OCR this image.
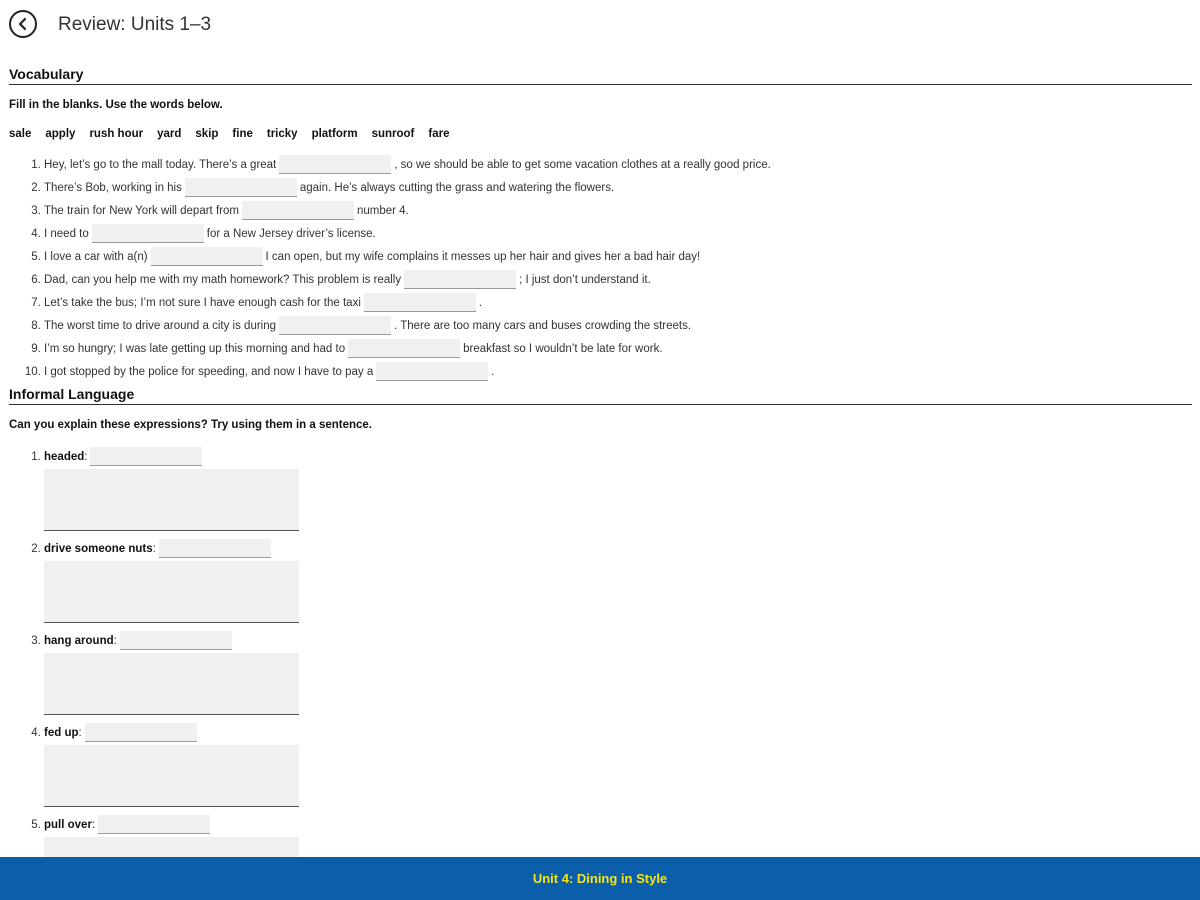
Review: Units 1–3
Vocabulary
Fill in the blanks. Use the words below.
sale apply rush hour yard skip fine tricky platform sunroof fare
1. Hey, let’s go to the mall today. There’s a great	, so we should be able to get some vacation clothes at a really good price.
2. There’s Bob, working in his	again. He’s always cutting the grass and watering the flowers.
3. The train for New York will depart from	number 4.
4. I need to	for a New Jersey driver’s license.
5. I love a car with a(n)	I can open, but my wife complains it messes up her hair and gives her a bad hair day!
6. Dad, can you help me with my math homework? This problem is really	; I just don’t understand it.
7. Let’s take the bus; I’m not sure I have enough cash for the taxi	.
8. The worst time to drive around a city is during	. There are too many cars and buses crowding the streets.
9. I’m so hungry; I was late getting up this morning and had to	breakfast so I wouldn’t be late for work.
10. I got stopped by the police for speeding, and now I have to pay a	.
Informal Language
Can you explain these expressions? Try using them in a sentence.
1. headed:
2. drive someone nuts:
3. hang around:
4. fed up:
5. pull over:
Unit 4: Dining in Style
